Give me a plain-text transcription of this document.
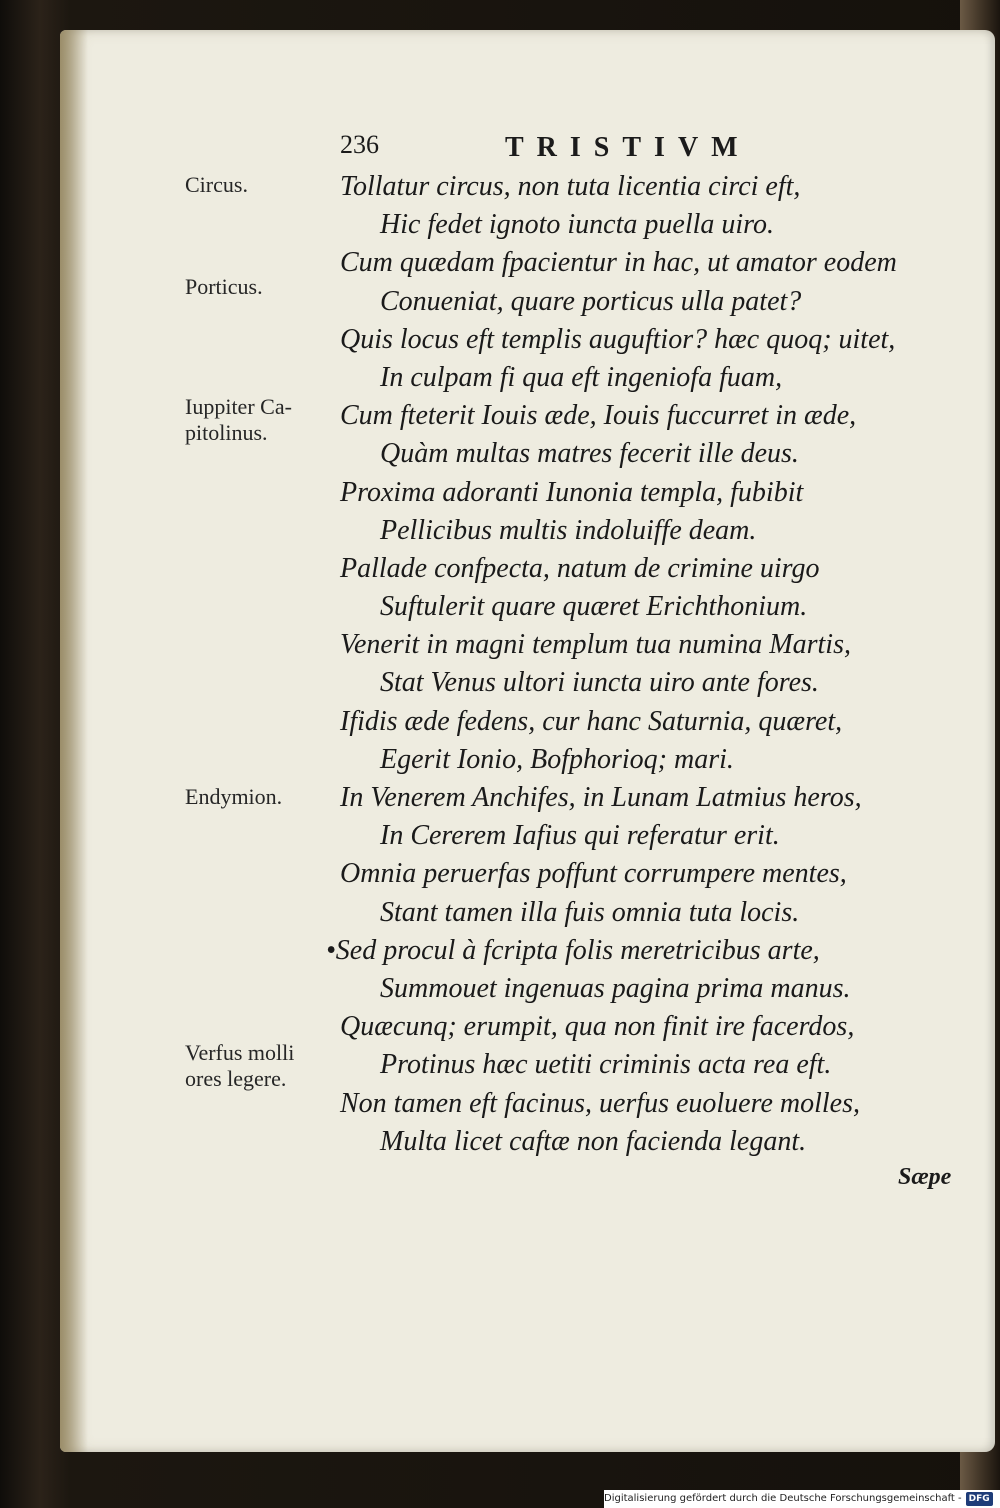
236	TRISTIVM
Circus.
Porticus.
Iuppiter Ca-
pitolinus.
Endymion.
Verfus molli
ores legere.
Tollatur circus, non tuta licentia circi eft,
Hic fedet ignoto iuncta puella uiro.
Cum quædam fpacientur in hac, ut amator eodem
Conueniat, quare porticus ulla patet?
Quis locus eft templis auguftior? hæc quoq; uitet,
In culpam fi qua eft ingeniofa fuam,
Cum fteterit Iouis æde, Iouis fuccurret in æde,
Quàm multas matres fecerit ille deus.
Proxima adoranti Iunonia templa, fubibit
Pellicibus multis indoluiffe deam.
Pallade confpecta, natum de crimine uirgo
Suftulerit quare quæret Erichthonium.
Venerit in magni templum tua numina Martis,
Stat Venus ultori iuncta uiro ante fores.
Ifidis æde fedens, cur hanc Saturnia, quæret,
Egerit Ionio, Bofphorioq; mari.
In Venerem Anchifes, in Lunam Latmius heros,
In Cererem Iafius qui referatur erit.
Omnia peruerfas poffunt corrumpere mentes,
Stant tamen illa fuis omnia tuta locis.
•Sed procul à fcripta folis meretricibus arte,
Summouet ingenuas pagina prima manus.
Quæcunq; erumpit, qua non finit ire facerdos,
Protinus hæc uetiti criminis acta rea eft.
Non tamen eft facinus, uerfus euoluere molles,
Multa licet caftæ non facienda legant.
Sæpe
Digitalisierung gefördert durch die Deutsche Forschungsgemeinschaft - DFG
